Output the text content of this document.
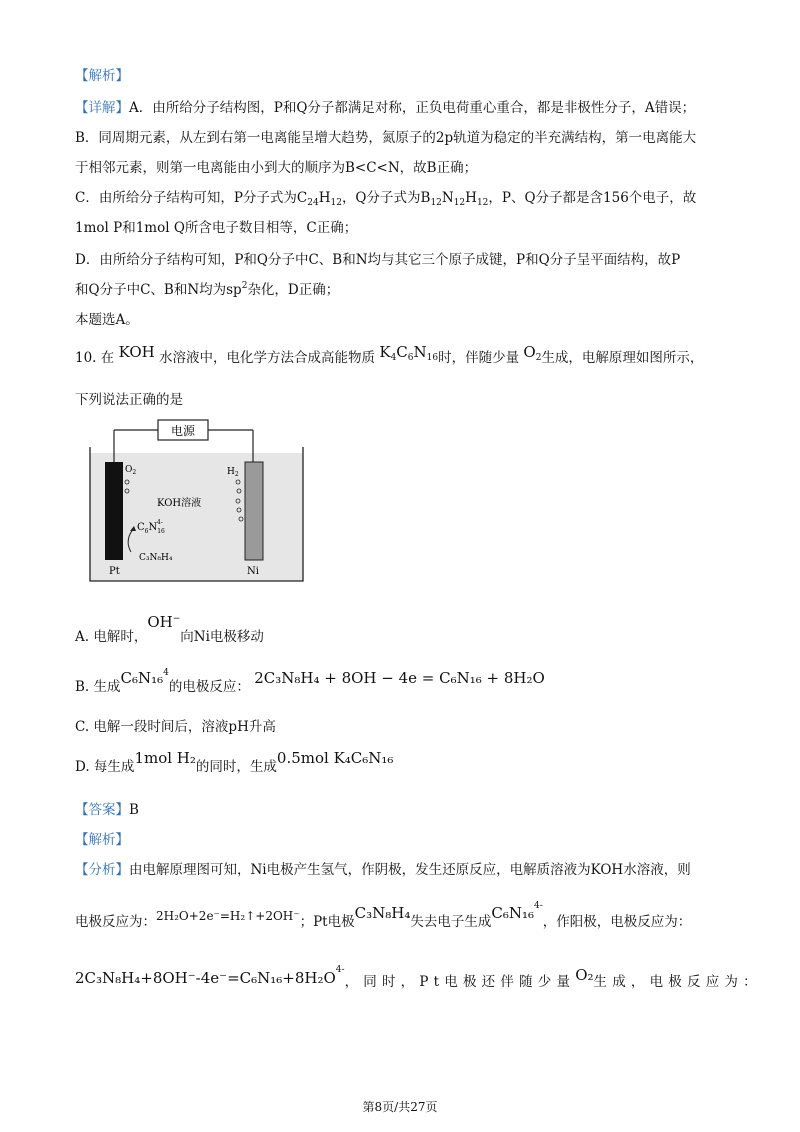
【解析】
【详解】A．由所给分子结构图，P和Q分子都满足对称，正负电荷重心重合，都是非极性分子，A错误；
B．同周期元素，从左到右第一电离能呈增大趋势，氮原子的2p轨道为稳定的半充满结构，第一电离能大
于相邻元素，则第一电离能由小到大的顺序为B<C<N，故B正确；
C．由所给分子结构可知，P分子式为$C_{24}H_{12}$，Q分子式为$B_{12}N_{12}H_{12}$，P、Q分子都是含156个电子，故
1mol P和1mol Q所含电子数目相等，C正确；
D．由所给分子结构可知，P和Q分子中C、B和N均与其它三个原子成键，P和Q分子呈平面结构，故P
和Q分子中C、B和N均为$sp^2$杂化，D正确；
本题选A。
10. 在 KOH 水溶液中，电化学方法合成高能物质 $K_4C_6N_{16}$时，伴随少量 $O_2$生成，电解原理如图所示，
下列说法正确的是
电源
$O_2$	$H_2$
KOH溶液
$C_6N_{16}4-$
C₃N₈H₄
Pt	Ni
A. 电解时，OH−向Ni电极移动
B. 生成C₆N₁₆$^4$的电极反应： 2C₃N₈H₄ + 8OH − 4e = C₆N₁₆ + 8H₂O
C. 电解一段时间后，溶液pH升高
D. 每生成1mol H₂的同时，生成0.5mol K₄C₆N₁₆
【答案】B
【解析】
【分析】由电解原理图可知，Ni电极产生氢气，作阴极，发生还原反应，电解质溶液为KOH水溶液，则
电极反应为：2H₂O+2e⁻=H₂↑+2OH⁻；Pt电极C₃N₈H₄失去电子生成C₆N₁₆$^{4-}$，作阳极，电极反应为：
$2C_3N_8H_4+8OH^--4e^-=C_6N_{16}+8H_2O^{4-}$，同时，Pt电极还伴随少量O₂生成，电极反应为：
第8页/共27页
